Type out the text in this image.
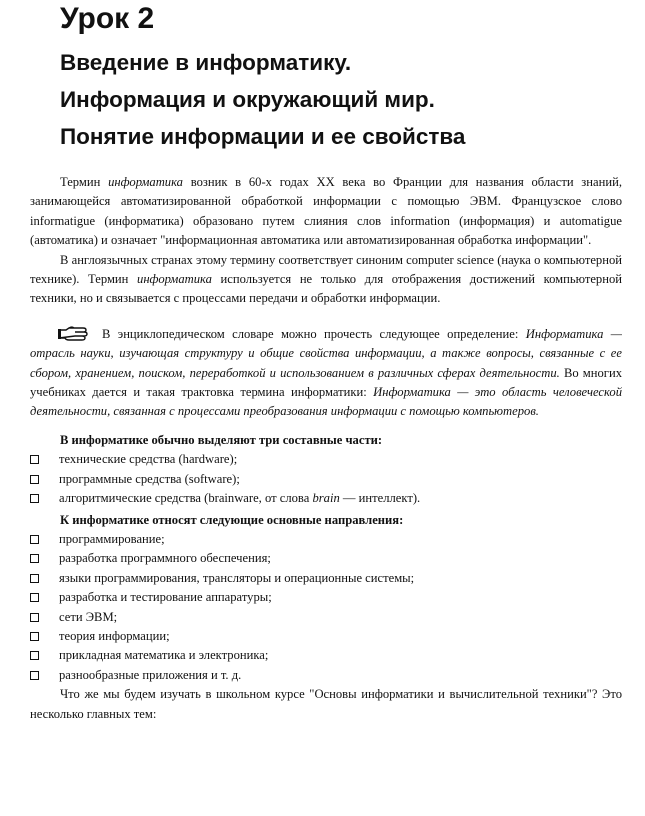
Урок 2
Введение в информатику.
Информация и окружающий мир.
Понятие информации и ее свойства

Термин информатика возник в 60-х годах XX века во Франции для названия области знаний, занимающейся автоматизированной обработкой информации с помощью ЭВМ. Французское слово informatigue (информатика) образовано путем слияния слов information (информация) и automatigue (автоматика) и означает "информационная автоматика или автоматизированная обработка информации".

В англоязычных странах этому термину соответствует синоним computer science (наука о компьютерной технике). Термин информатика используется не только для отображения достижений компьютерной техники, но и связывается с процессами передачи и обработки информации.

В энциклопедическом словаре можно прочесть следующее определение: Информатика — отрасль науки, изучающая структуру и общие свойства информации, а также вопросы, связанные с ее сбором, хранением, поиском, переработкой и использованием в различных сферах деятельности. Во многих учебниках дается и такая трактовка термина информатики: Информатика — это область человеческой деятельности, связанная с процессами преобразования информации с помощью компьютеров.

В информатике обычно выделяют три составные части:

технические средства (hardware);
программные средства (software);
алгоритмические средства (brainware, от слова brain — интеллект).

К информатике относят следующие основные направления:

программирование;
разработка программного обеспечения;
языки программирования, трансляторы и операционные системы;
разработка и тестирование аппаратуры;
сети ЭВМ;
теория информации;
прикладная математика и электроника;
разнообразные приложения и т. д.

Что же мы будем изучать в школьном курсе "Основы информатики и вычислительной техники"? Это несколько главных тем:
